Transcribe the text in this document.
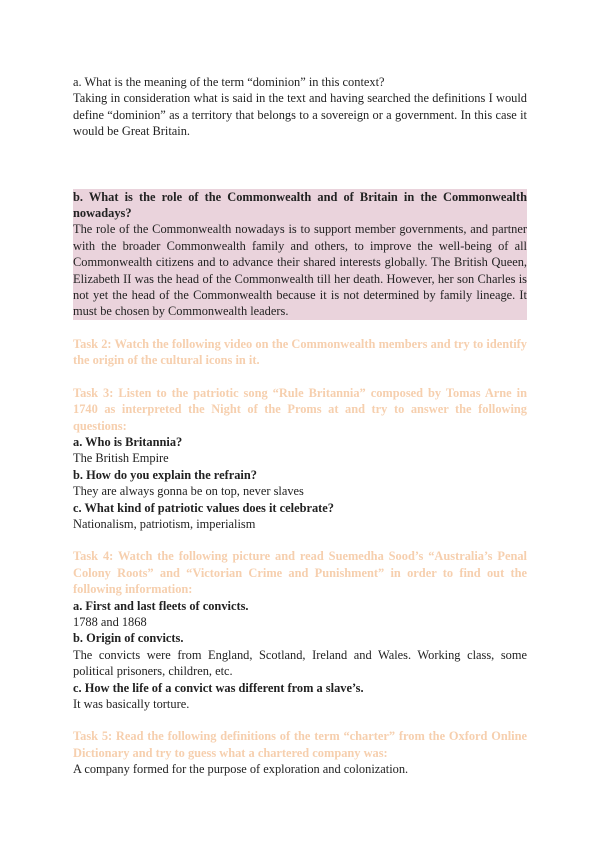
a. What is the meaning of the term “dominion” in this context?

Taking in consideration what is said in the text and having searched the definitions I would define “dominion” as a territory that belongs to a sovereign or a government. In this case it would be Great Britain.

b. What is the role of the Commonwealth and of Britain in the Commonwealth nowadays?

The role of the Commonwealth nowadays is to support member governments, and partner with the broader Commonwealth family and others, to improve the well-being of all Commonwealth citizens and to advance their shared interests globally. The British Queen, Elizabeth II was the head of the Commonwealth till her death. However, her son Charles is not yet the head of the Commonwealth because it is not determined by family lineage. It must be chosen by Commonwealth leaders.

Task 2: Watch the following video on the Commonwealth members and try to identify the origin of the cultural icons in it.

Task 3: Listen to the patriotic song “Rule Britannia” composed by Tomas Arne in 1740 as interpreted the Night of the Proms at and try to answer the following questions:

a. Who is Britannia?

The British Empire

b. How do you explain the refrain?

They are always gonna be on top, never slaves

c. What kind of patriotic values does it celebrate?

Nationalism, patriotism, imperialism

Task 4: Watch the following picture and read Suemedha Sood’s “Australia’s Penal Colony Roots” and “Victorian Crime and Punishment” in order to find out the following information:

a. First and last fleets of convicts.

1788 and 1868

b. Origin of convicts.

The convicts were from England, Scotland, Ireland and Wales. Working class, some political prisoners, children, etc.

c. How the life of a convict was different from a slave’s.

It was basically torture.

Task 5: Read the following definitions of the term “charter” from the Oxford Online Dictionary and try to guess what a chartered company was:

A company formed for the purpose of exploration and colonization.
